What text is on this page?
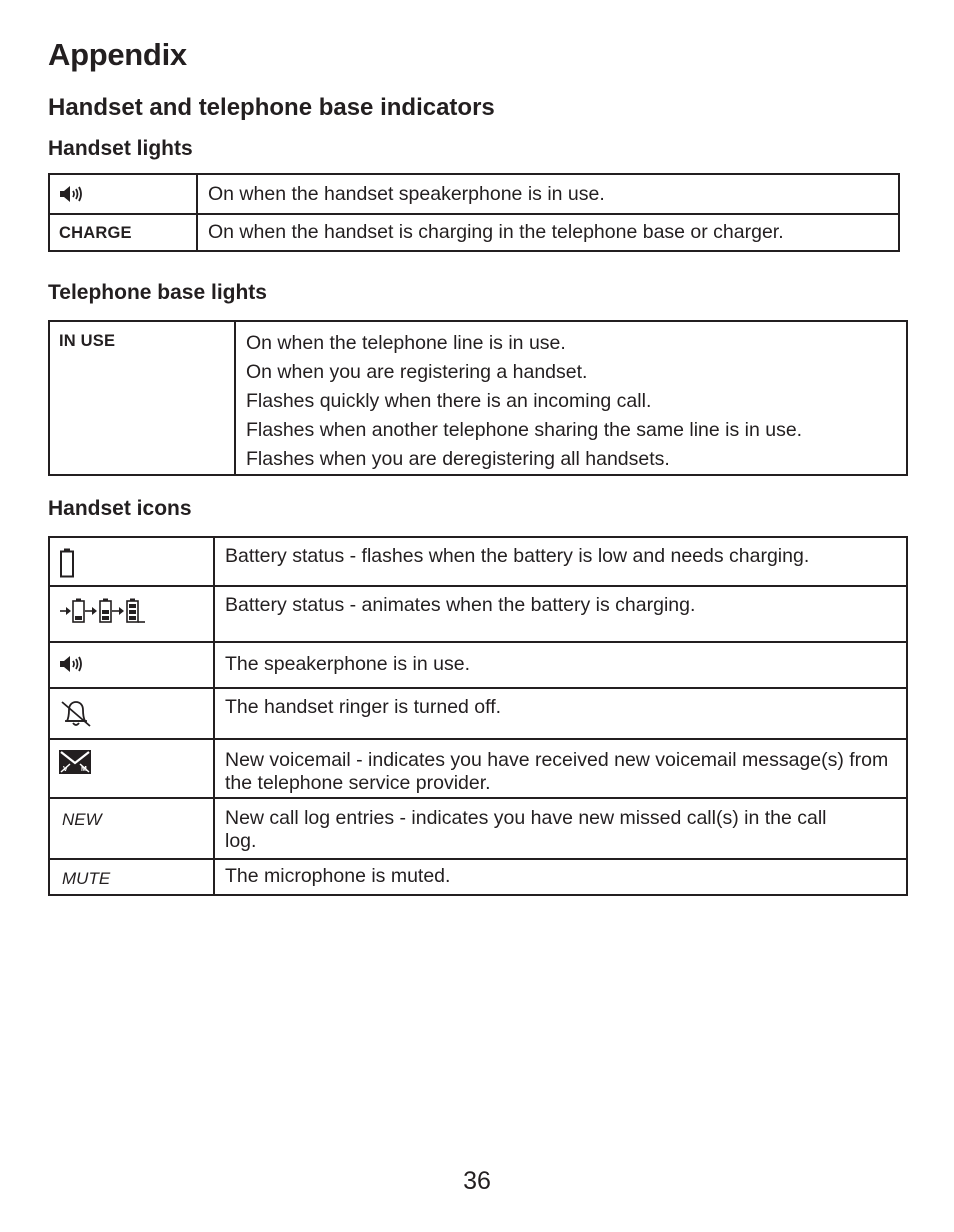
Appendix
Handset and telephone base indicators
Handset lights
	On when the handset speakerphone is in use.
CHARGE	On when the handset is charging in the telephone base or charger.
Telephone base lights
IN USE	On when the telephone line is in use.
On when you are registering a handset.
Flashes quickly when there is an incoming call.
Flashes when another telephone sharing the same line is in use.
Flashes when you are deregistering all handsets.
Handset icons
	Battery status - flashes when the battery is low and needs charging.

	Battery status - animates when the battery is charging.

	The speakerphone is in use.

	The handset ringer is turned off.

V M	New voicemail - indicates you have received new voicemail message(s) from the telephone service provider.
NEW	New call log entries - indicates you have new missed call(s) in the call log.
MUTE	The microphone is muted.
36
